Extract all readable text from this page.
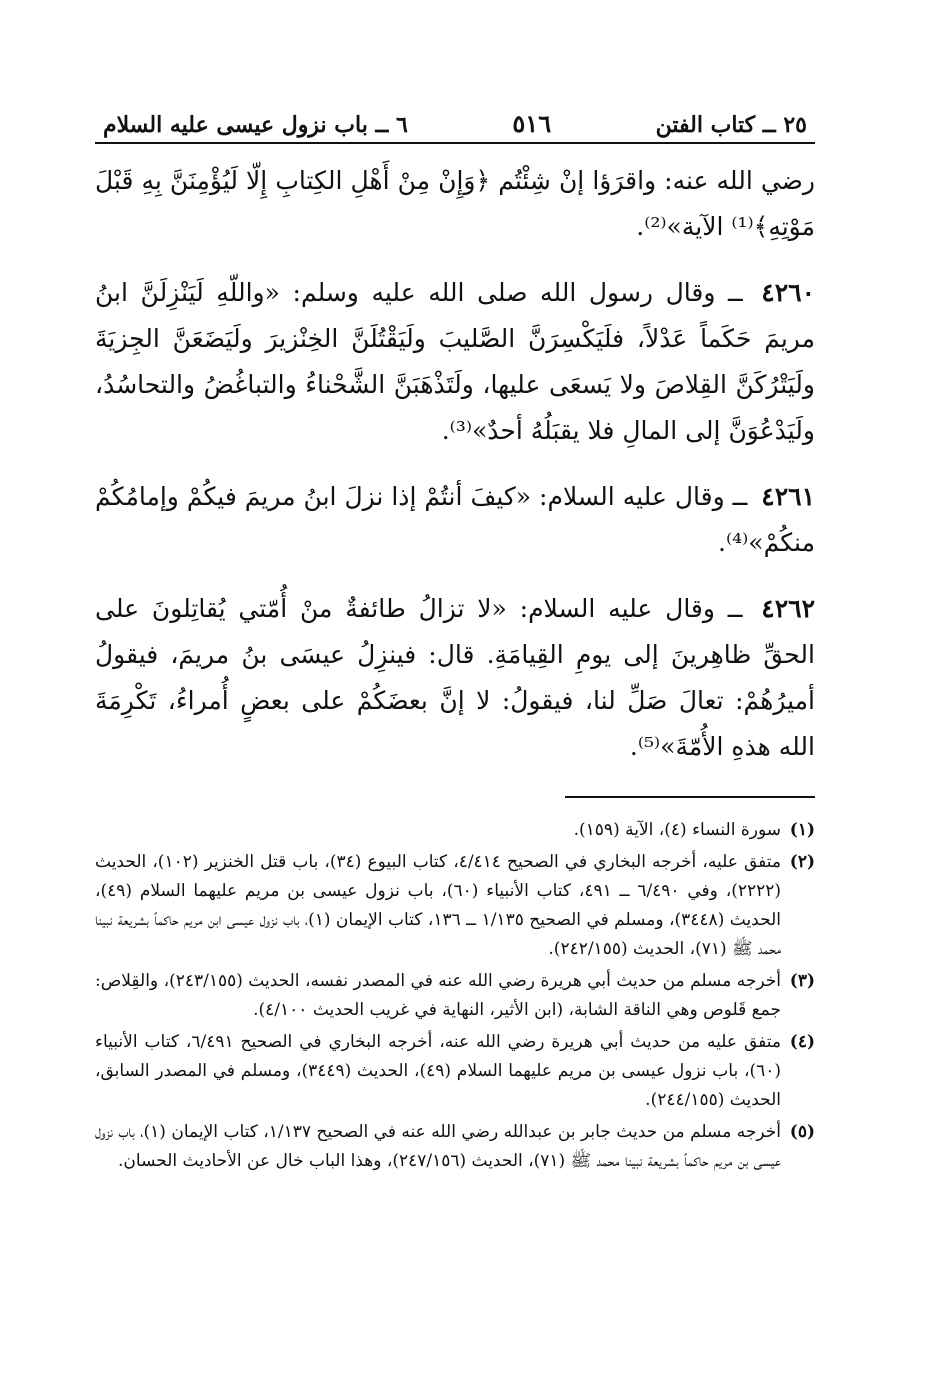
٢٥ ــ كتاب الفتن
٥١٦
٦ ــ باب نزول عيسى عليه السلام

رضي الله عنه: واقرَؤا إنْ شِئْتُم ﴿وَإِنْ مِنْ أَهْلِ الكِتابِ إِلّا لَيُؤْمِنَنَّ بِهِ قَبْلَ مَوْتِهِ﴾⁽¹⁾ الآية»⁽²⁾.

٤٢٦٠ ــ وقال رسول الله صلى الله عليه وسلم: «واللّهِ لَيَنْزِلَنَّ ابنُ مريمَ حَكَماً عَدْلاً، فلَيَكْسِرَنَّ الصَّليبَ ولَيَقْتُلَنَّ الخِنْزيرَ ولَيَضَعَنَّ الجِزيَةَ ولَيَتْرُكَنَّ القِلاصَ ولا يَسعَى عليها، ولَتَذْهَبَنَّ الشَّحْناءُ والتباغُضُ والتحاسُدُ، ولَيَدْعُوَنَّ إلى المالِ فلا يقبَلُهُ أحدٌ»⁽³⁾.

٤٢٦١ ــ وقال عليه السلام: «كيفَ أنتُمْ إذا نزلَ ابنُ مريمَ فيكُمْ وإمامُكُمْ منكُمْ»⁽⁴⁾.

٤٢٦٢ ــ وقال عليه السلام: «لا تزالُ طائفةٌ منْ أُمّتي يُقاتِلونَ على الحقِّ ظاهِرينَ إلى يومِ القِيامَةِ. قال: فينزِلُ عيسَى بنُ مريمَ، فيقولُ أميرُهُمْ: تعالَ صَلِّ لنا، فيقولُ: لا إنَّ بعضَكُمْ على بعضٍ أُمراءُ، تَكْرِمَةَ الله هذهِ الأُمّةَ»⁽⁵⁾.

(١)
سورة النساء (٤)، الآية (١٥٩).
(٢)
متفق عليه، أخرجه البخاري في الصحيح ٤/٤١٤، كتاب البيوع (٣٤)، باب قتل الخنزير (١٠٢)، الحديث (٢٢٢٢)، وفي ٦/٤٩٠ ــ ٤٩١، كتاب الأنبياء (٦٠)، باب نزول عيسى بن مريم عليهما السلام (٤٩)، الحديث (٣٤٤٨)، ومسلم في الصحيح ١/١٣٥ ــ ١٣٦، كتاب الإيمان (١)، باب نزول عيسى ابن مريم حاكماً بشريعة نبينا محمد ﷺ (٧١)، الحديث (٢٤٢/١٥٥).
(٣)
أخرجه مسلم من حديث أبي هريرة رضي الله عنه في المصدر نفسه، الحديث (٢٤٣/١٥٥)، والقِلاص: جمع قَلوص وهي الناقة الشابة، (ابن الأثير، النهاية في غريب الحديث ٤/١٠٠).
(٤)
متفق عليه من حديث أبي هريرة رضي الله عنه، أخرجه البخاري في الصحيح ٦/٤٩١، كتاب الأنبياء (٦٠)، باب نزول عيسى بن مريم عليهما السلام (٤٩)، الحديث (٣٤٤٩)، ومسلم في المصدر السابق، الحديث (٢٤٤/١٥٥).
(٥)
أخرجه مسلم من حديث جابر بن عبدالله رضي الله عنه في الصحيح ١/١٣٧، كتاب الإيمان (١)، باب نزول عيسى بن مريم حاكماً بشريعة نبينا محمد ﷺ (٧١)، الحديث (٢٤٧/١٥٦)، وهذا الباب خال عن الأحاديث الحسان.
